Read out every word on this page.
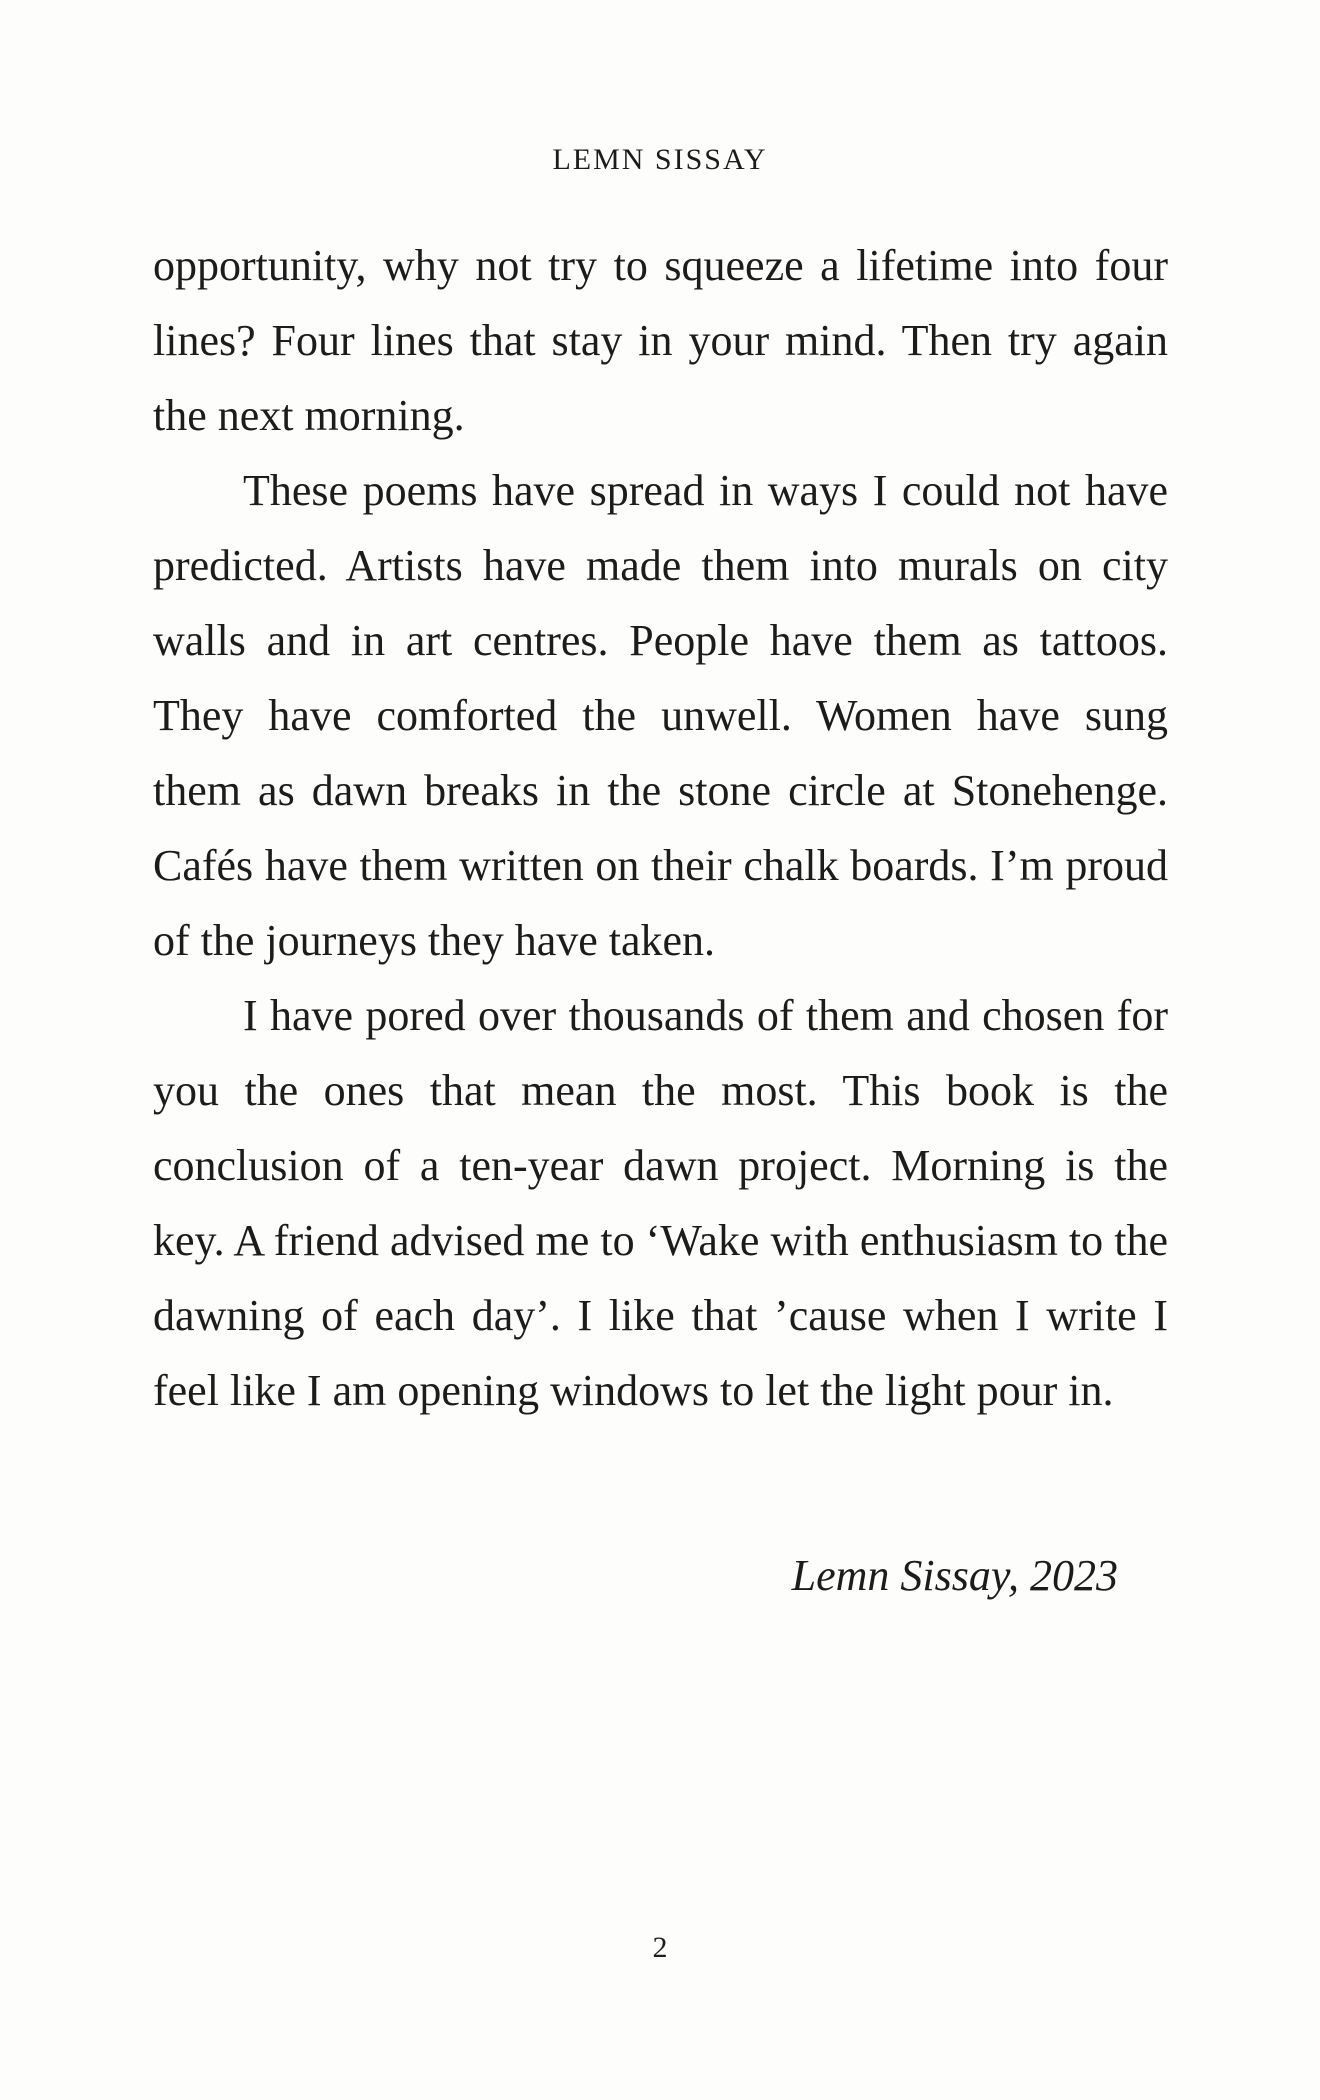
LEMN SISSAY

opportunity, why not try to squeeze a lifetime into four lines? Four lines that stay in your mind. Then try again the next morning.

These poems have spread in ways I could not have predicted. Artists have made them into murals on city walls and in art centres. People have them as tattoos. They have comforted the unwell. Women have sung them as dawn breaks in the stone circle at Stonehenge. Cafés have them written on their chalk boards. I’m proud of the journeys they have taken.

I have pored over thousands of them and chosen for you the ones that mean the most. This book is the conclusion of a ten-year dawn project. Morning is the key. A friend advised me to ‘Wake with enthusiasm to the dawning of each day’. I like that ’cause when I write I feel like I am opening windows to let the light pour in.

Lemn Sissay, 2023
2
